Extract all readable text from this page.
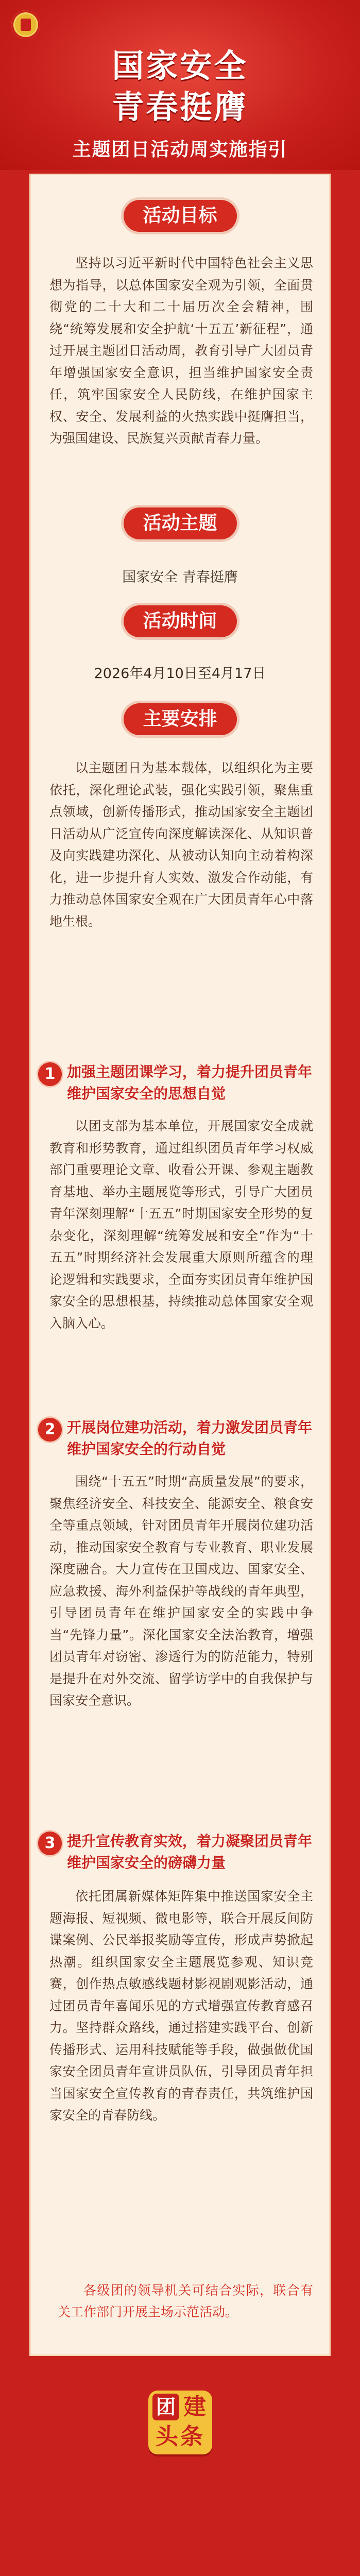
国家安全
青春挺膺
主题团日活动周实施指引
活动目标
坚持以习近平新时代中国特色社会主义思想为指导，以总体国家安全观为引领，全面贯彻党的二十大和二十届历次全会精神，围绕“统筹发展和安全护航‘十五五’新征程”，通过开展主题团日活动周，教育引导广大团员青年增强国家安全意识，担当维护国家安全责任，筑牢国家安全人民防线，在维护国家主权、安全、发展利益的火热实践中挺膺担当，为强国建设、民族复兴贡献青春力量。
活动主题
国家安全 青春挺膺
活动时间
2026年4月10日至4月17日
主要安排
以主题团日为基本载体，以组织化为主要依托，深化理论武装，强化实践引领，聚焦重点领域，创新传播形式，推动国家安全主题团日活动从广泛宣传向深度解读深化、从知识普及向实践建功深化、从被动认知向主动着构深化，进一步提升育人实效、激发合作动能，有力推动总体国家安全观在广大团员青年心中落地生根。
1 加强主题团课学习，着力提升团员青年维护国家安全的思想自觉
以团支部为基本单位，开展国家安全成就教育和形势教育，通过组织团员青年学习权威部门重要理论文章、收看公开课、参观主题教育基地、举办主题展览等形式，引导广大团员青年深刻理解“十五五”时期国家安全形势的复杂变化，深刻理解“统筹发展和安全”作为“十五五”时期经济社会发展重大原则所蕴含的理论逻辑和实践要求，全面夯实团员青年维护国家安全的思想根基，持续推动总体国家安全观入脑入心。
2 开展岗位建功活动，着力激发团员青年维护国家安全的行动自觉
围绕“十五五”时期“高质量发展”的要求，聚焦经济安全、科技安全、能源安全、粮食安全等重点领域，针对团员青年开展岗位建功活动，推动国家安全教育与专业教育、职业发展深度融合。大力宣传在卫国戍边、国家安全、应急救援、海外利益保护等战线的青年典型，引导团员青年在维护国家安全的实践中争当“先锋力量”。深化国家安全法治教育，增强团员青年对窃密、渗透行为的防范能力，特别是提升在对外交流、留学访学中的自我保护与国家安全意识。
3 提升宣传教育实效，着力凝聚团员青年维护国家安全的磅礴力量
依托团属新媒体矩阵集中推送国家安全主题海报、短视频、微电影等，联合开展反间防谍案例、公民举报奖励等宣传，形成声势掀起热潮。组织国家安全主题展览参观、知识竞赛，创作热点敏感线题材影视剧观影活动，通过团员青年喜闻乐见的方式增强宣传教育感召力。坚持群众路线，通过搭建实践平台、创新传播形式、运用科技赋能等手段，做强做优国家安全团员青年宣讲员队伍，引导团员青年担当国家安全宣传教育的青春责任，共筑维护国家安全的青春防线。
各级团的领导机关可结合实际，联合有关工作部门开展主场示范活动。
团 建
头条
